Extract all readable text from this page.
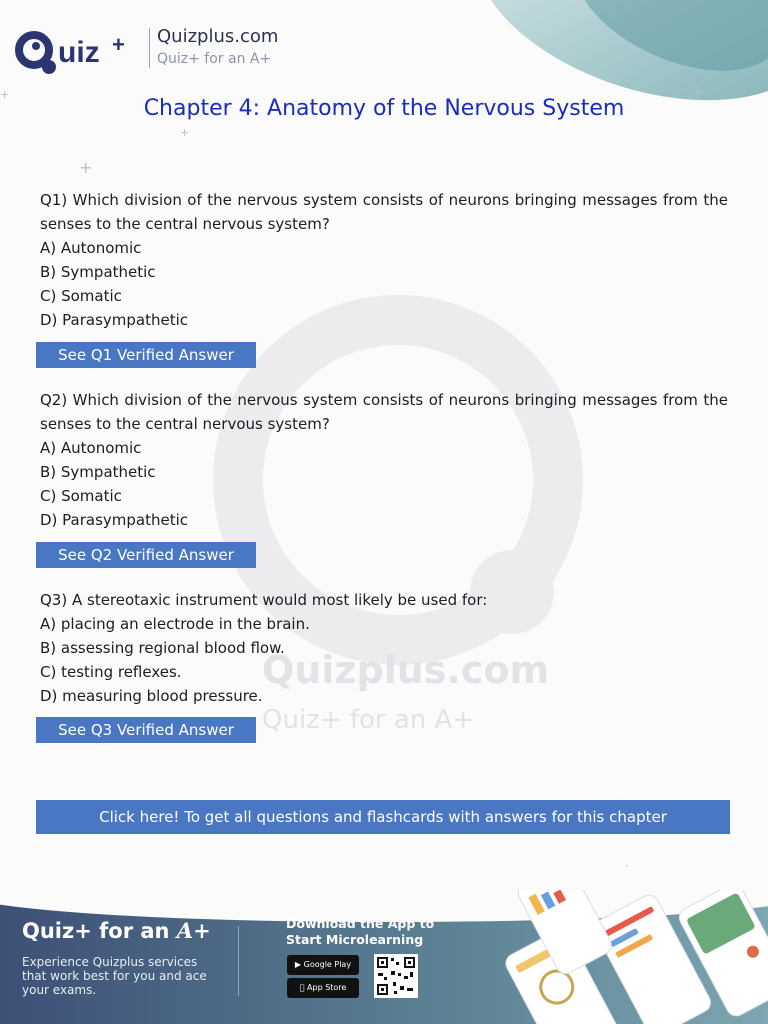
uiz + Quizplus.com
Quiz+ for an A+
+
+
+
+
Chapter 4: Anatomy of the Nervous System
Quizplus.com
Quiz+ for an A+

Q1) Which division of the nervous system consists of neurons bringing messages from the senses to the central nervous system?

A) Autonomic
B) Sympathetic
C) Somatic
D) Parasympathetic
See Q1 Verified Answer

Q2) Which division of the nervous system consists of neurons bringing messages from the senses to the central nervous system?

A) Autonomic
B) Sympathetic
C) Somatic
D) Parasympathetic
See Q2 Verified Answer

Q3) A stereotaxic instrument would most likely be used for:

A) placing an electrode in the brain.
B) assessing regional blood flow.
C) testing reflexes.
D) measuring blood pressure.
See Q3 Verified Answer
Click here! To get all questions and flashcards with answers for this chapter
Quiz+ for an A+
Experience Quizplus services that work best for you and ace your exams.
Download the App to Start Microlearning
▶ Google Play
App Store
